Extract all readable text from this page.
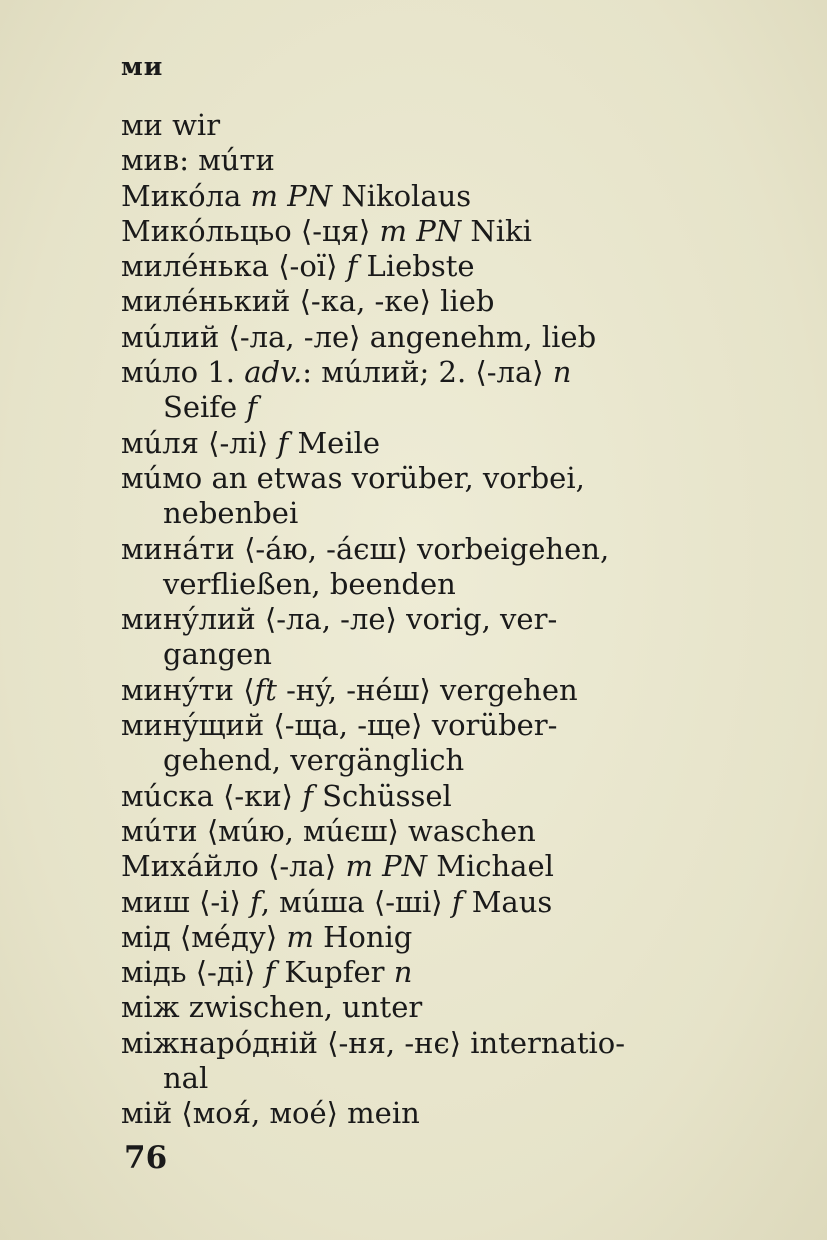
ми
ми wir
мив: мúти
Микóла m PN Nikolaus
Микóльцьо ⟨-ця⟩ m PN Niki
милéнька ⟨-ої⟩ f Liebste
милéнький ⟨-ка, -ке⟩ lieb
мúлий ⟨-ла, -ле⟩ angenehm, lieb
мúло 1. adv.: мúлий; 2. ⟨-ла⟩ n
Seife f
мúля ⟨-лі⟩ f Meile
мúмо an etwas vorüber, vorbei,
nebenbei
минáти ⟨-áю, -áєш⟩ vorbeigehen,
verfließen, beenden
минýлий ⟨-ла, -ле⟩ vorig, ver-
gangen
минýти ⟨ft -нý, -нéш⟩ vergehen
минýщий ⟨-ща, -ще⟩ vorüber-
gehend, vergänglich
мúска ⟨-ки⟩ f Schüssel
мúти ⟨мúю, мúєш⟩ waschen
Михáйло ⟨-ла⟩ m PN Michael
миш ⟨-і⟩ f, мúша ⟨-ші⟩ f Maus
мід ⟨мéду⟩ m Honig
мідь ⟨-ді⟩ f Kupfer n
між zwischen, unter
міжнарóдній ⟨-ня, -нє⟩ internatio-
nal
мій ⟨моя́, моé⟩ mein
76
